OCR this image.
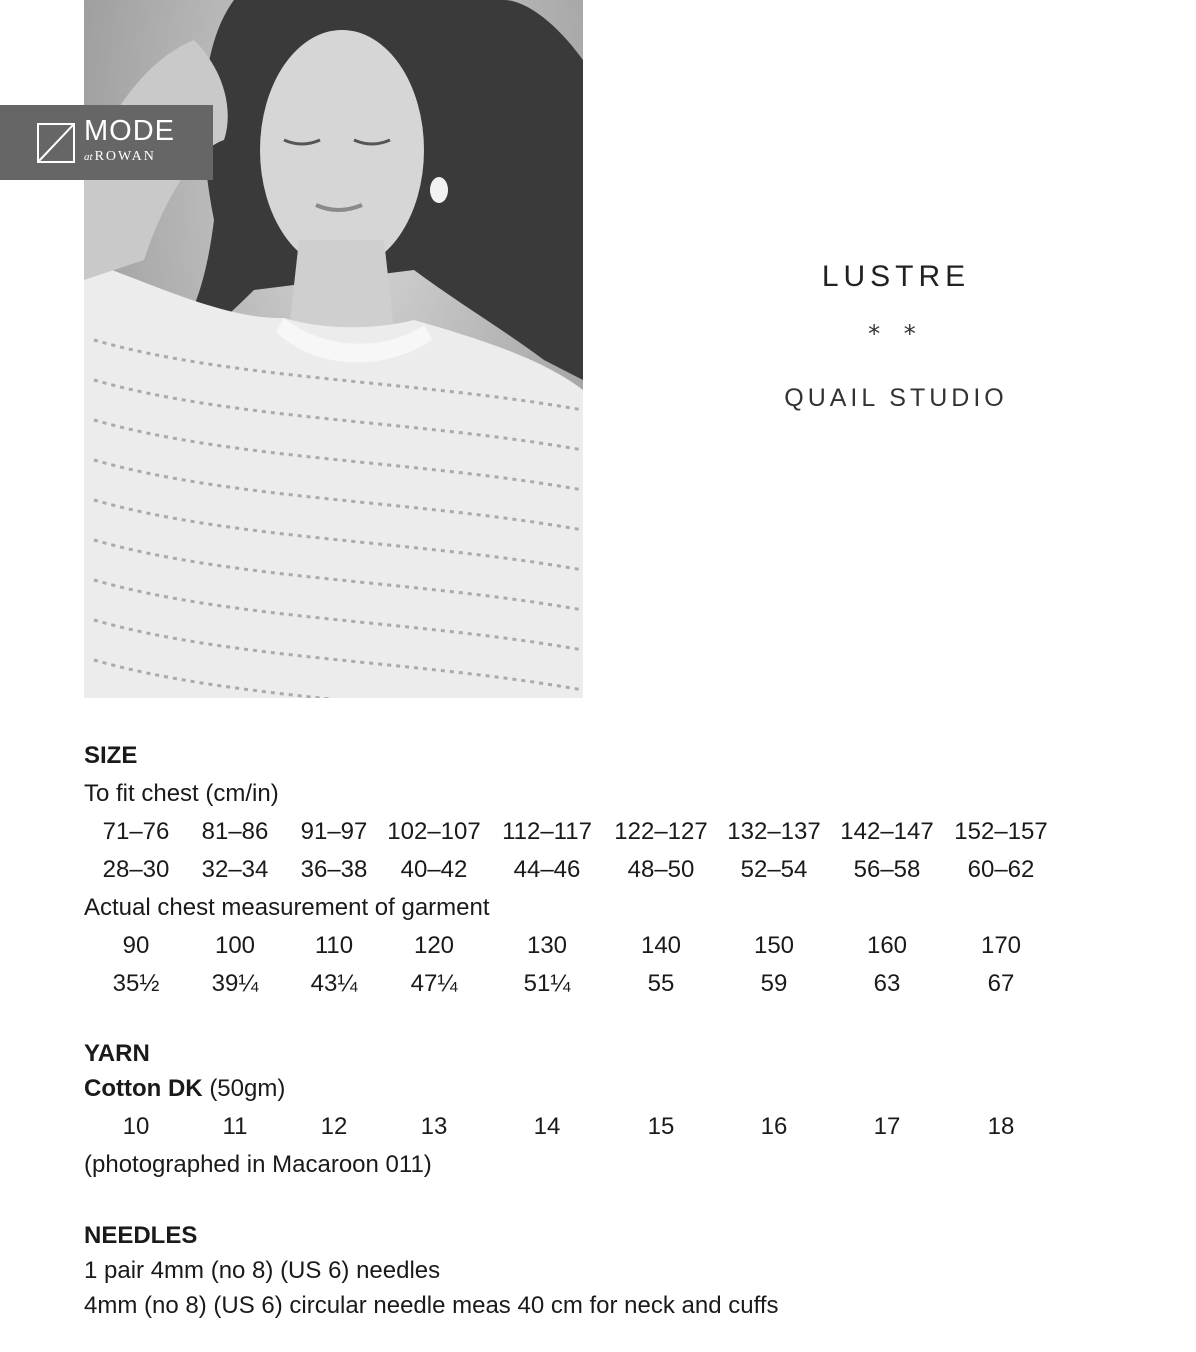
MODE
at ROWAN
LUSTRE
* *
QUAIL STUDIO
SIZE
To fit chest (cm/in)
71–76	81–86	91–97 102–107 112–117 122–127 132–137 142–147 152–157
28–30	32–34	36–38	40–42	44–46	48–50	52–54	56–58	60–62
Actual chest measurement of garment
90	100	110	120	130	140	150	160	170
35½	39¼	43¼	47¼	51¼	55	59	63	67
YARN
Cotton DK (50gm)
10	11	12	13	14	15	16	17	18
(photographed in Macaroon 011)
NEEDLES
1 pair 4mm (no 8) (US 6) needles
4mm (no 8) (US 6) circular needle meas 40 cm for neck and cuffs
